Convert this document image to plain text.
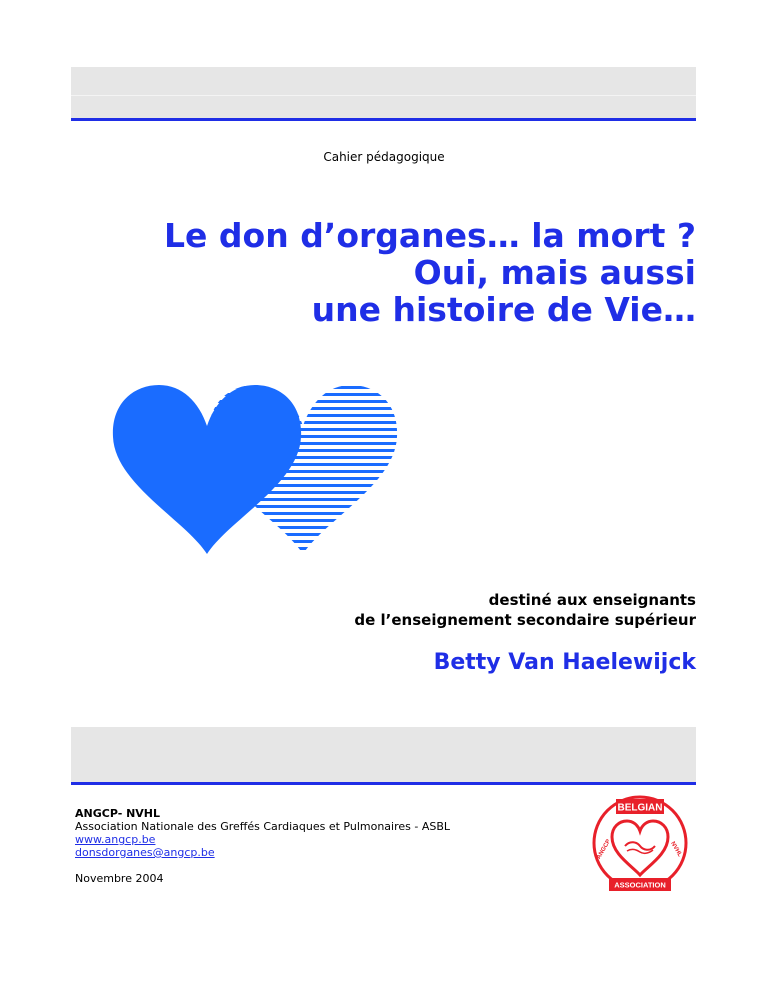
Cahier pédagogique
Le don d’organes… la mort ?
Oui, mais aussi
une histoire de Vie…
destiné aux enseignants
de l’enseignement secondaire supérieur
Betty Van Haelewijck
ANGCP- NVHL
Association Nationale des Greffés Cardiaques et Pulmonaires - ASBL
www.angcp.be
donsdorganes@angcp.be
Novembre 2004
BELGIAN
ASSOCIATION
ANGCP	NVHL
